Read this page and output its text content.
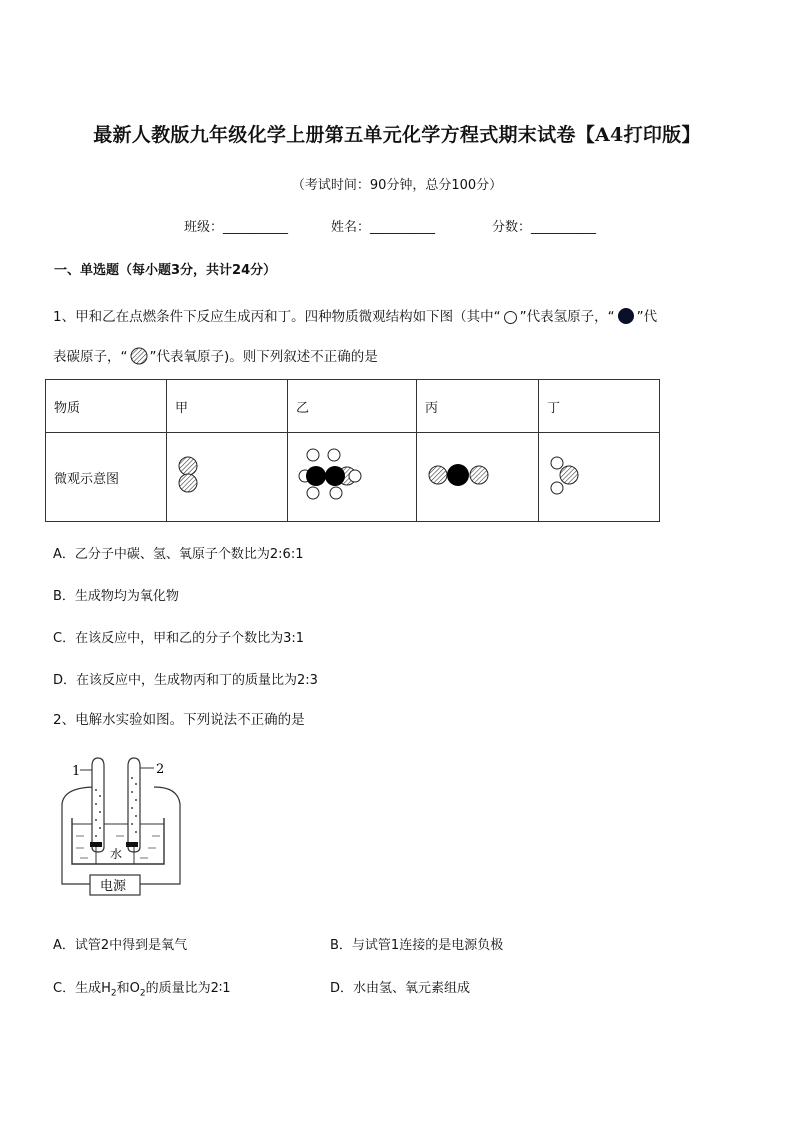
最新人教版九年级化学上册第五单元化学方程式期末试卷【A4打印版】
（考试时间：90分钟，总分100分）
班级：__________	姓名：__________	分数：__________
一、单选题（每小题3分，共计24分）
1、甲和乙在点燃条件下反应生成丙和丁。四种物质微观结构如下图（其中“ ”代表氢原子，“ ”代
表碳原子，“ ”代表氧原子)。则下列叙述不正确的是
物质	甲	乙	丙	丁
微观示意图				
A．乙分子中碳、氢、氧原子个数比为2:6:1
B．生成物均为氧化物
C．在该反应中，甲和乙的分子个数比为3:1
D．在该反应中，生成物丙和丁的质量比为2:3
2、电解水实验如图。下列说法不正确的是
1	2
水
电源
A．试管2中得到是氧气	B．与试管1连接的是电源负极
C．生成$H_2$和$O_2$的质量比为2∶1	D．水由氢、氧元素组成
